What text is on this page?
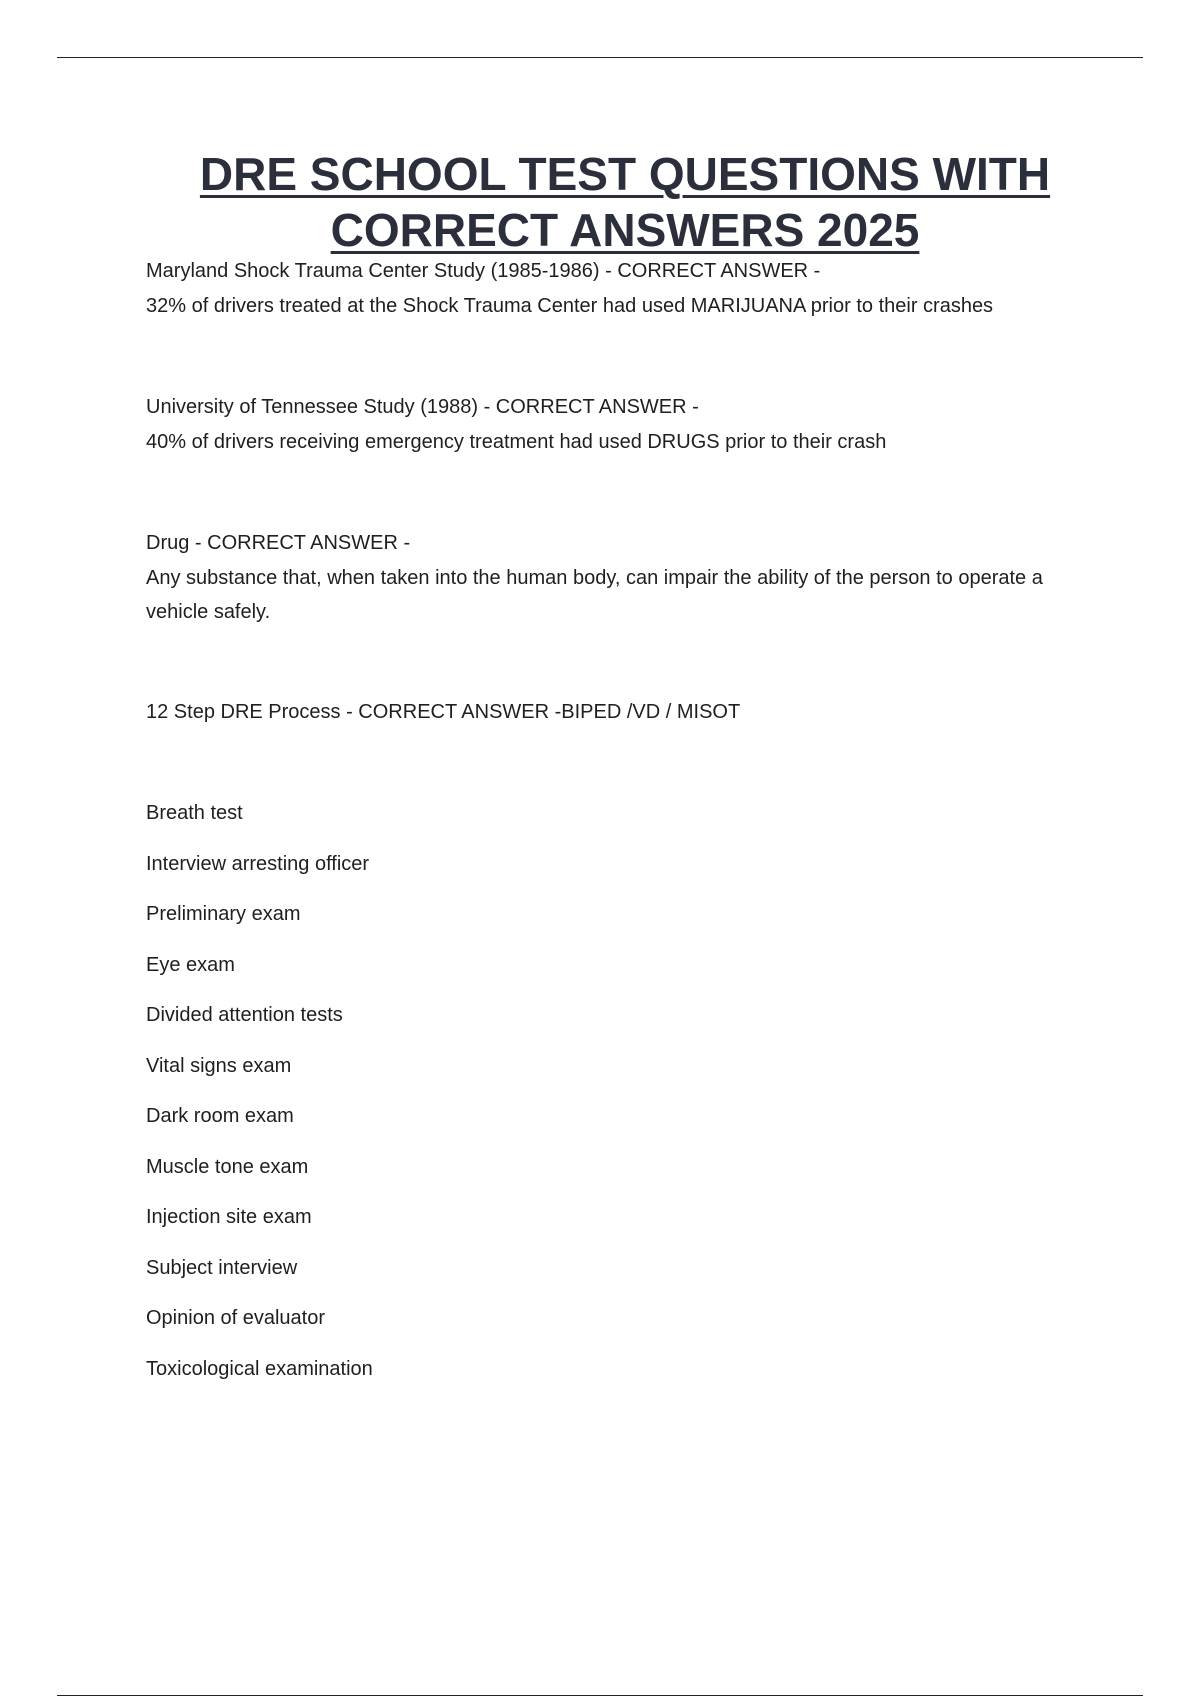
DRE SCHOOL TEST QUESTIONS WITH CORRECT ANSWERS 2025
Maryland Shock Trauma Center Study (1985-1986) - CORRECT ANSWER -
32% of drivers treated at the Shock Trauma Center had used MARIJUANA prior to their crashes
University of Tennessee Study (1988) - CORRECT ANSWER -
40% of drivers receiving emergency treatment had used DRUGS prior to their crash
Drug - CORRECT ANSWER -
Any substance that, when taken into the human body, can impair the ability of the person to operate a vehicle safely.
12 Step DRE Process - CORRECT ANSWER -BIPED /VD / MISOT
Breath test
Interview arresting officer
Preliminary exam
Eye exam
Divided attention tests
Vital signs exam
Dark room exam
Muscle tone exam
Injection site exam
Subject interview
Opinion of evaluator
Toxicological examination
